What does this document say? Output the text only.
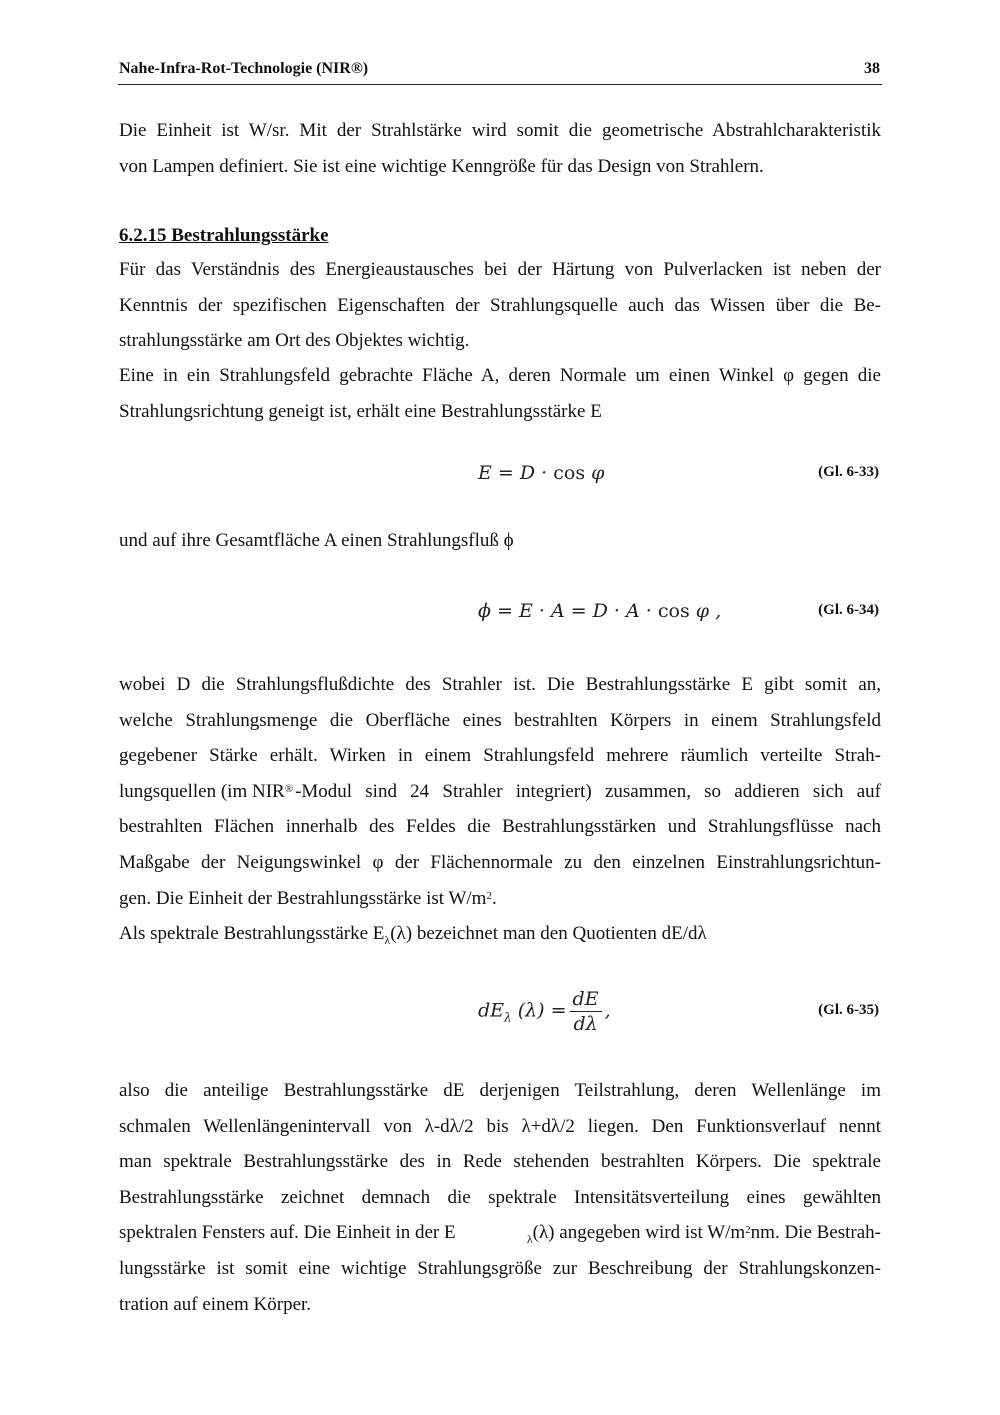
Nahe-Infra-Rot-Technologie (NIR®)	38
Die Einheit ist W/sr. Mit der Strahlstärke wird somit die geometrische Abstrahlcharakteristik
von Lampen definiert. Sie ist eine wichtige Kenngröße für das Design von Strahlern.
6.2.15 Bestrahlungsstärke
Für das Verständnis des Energieaustausches bei der Härtung von Pulverlacken ist neben der
Kenntnis der spezifischen Eigenschaften der Strahlungsquelle auch das Wissen über die Be-
strahlungsstärke am Ort des Objektes wichtig.
Eine in ein Strahlungsfeld gebrachte Fläche A, deren Normale um einen Winkel φ gegen die
Strahlungsrichtung geneigt ist, erhält eine Bestrahlungsstärke E
E = D · cos φ	(Gl. 6-33)
und auf ihre Gesamtfläche A einen Strahlungsfluß ϕ
ϕ = E · A = D · A · cos φ ,	(Gl. 6-34)
wobei D die Strahlungsflußdichte des Strahler ist. Die Bestrahlungsstärke E gibt somit an,
welche Strahlungsmenge die Oberfläche eines bestrahlten Körpers in einem Strahlungsfeld
gegebener Stärke erhält. Wirken in einem Strahlungsfeld mehrere räumlich verteilte Strah-
lungsquellen (im NIR® -Modul sind 24 Strahler integriert) zusammen, so addieren sich auf
bestrahlten Flächen innerhalb des Feldes die Bestrahlungsstärken und Strahlungsflüsse nach
Maßgabe der Neigungswinkel φ der Flächennormale zu den einzelnen Einstrahlungsrichtun-
gen. Die Einheit der Bestrahlungsstärke ist $W/m^2$.
Als spektrale Bestrahlungsstärke $E_\lambda(\lambda)$ bezeichnet man den Quotienten dE/dλ
$dE_\lambda$ $(\lambda) = \frac{dE}{d\lambda}$ ,	(Gl. 6-35)
also die anteilige Bestrahlungsstärke dE derjenigen Teilstrahlung, deren Wellenlänge im
schmalen Wellenlängenintervall von λ-dλ/2 bis λ+dλ/2 liegen. Den Funktionsverlauf nennt
man spektrale Bestrahlungsstärke des in Rede stehenden bestrahlten Körpers. Die spektrale
Bestrahlungsstärke zeichnet demnach die spektrale Intensitätsverteilung eines gewählten
spektralen Fensters auf. Die Einheit in der E	$_\lambda$(λ) angegeben wird ist $W/m^2nm$. Die Bestrah-
lungsstärke ist somit eine wichtige Strahlungsgröße zur Beschreibung der Strahlungskonzen-
tration auf einem Körper.
